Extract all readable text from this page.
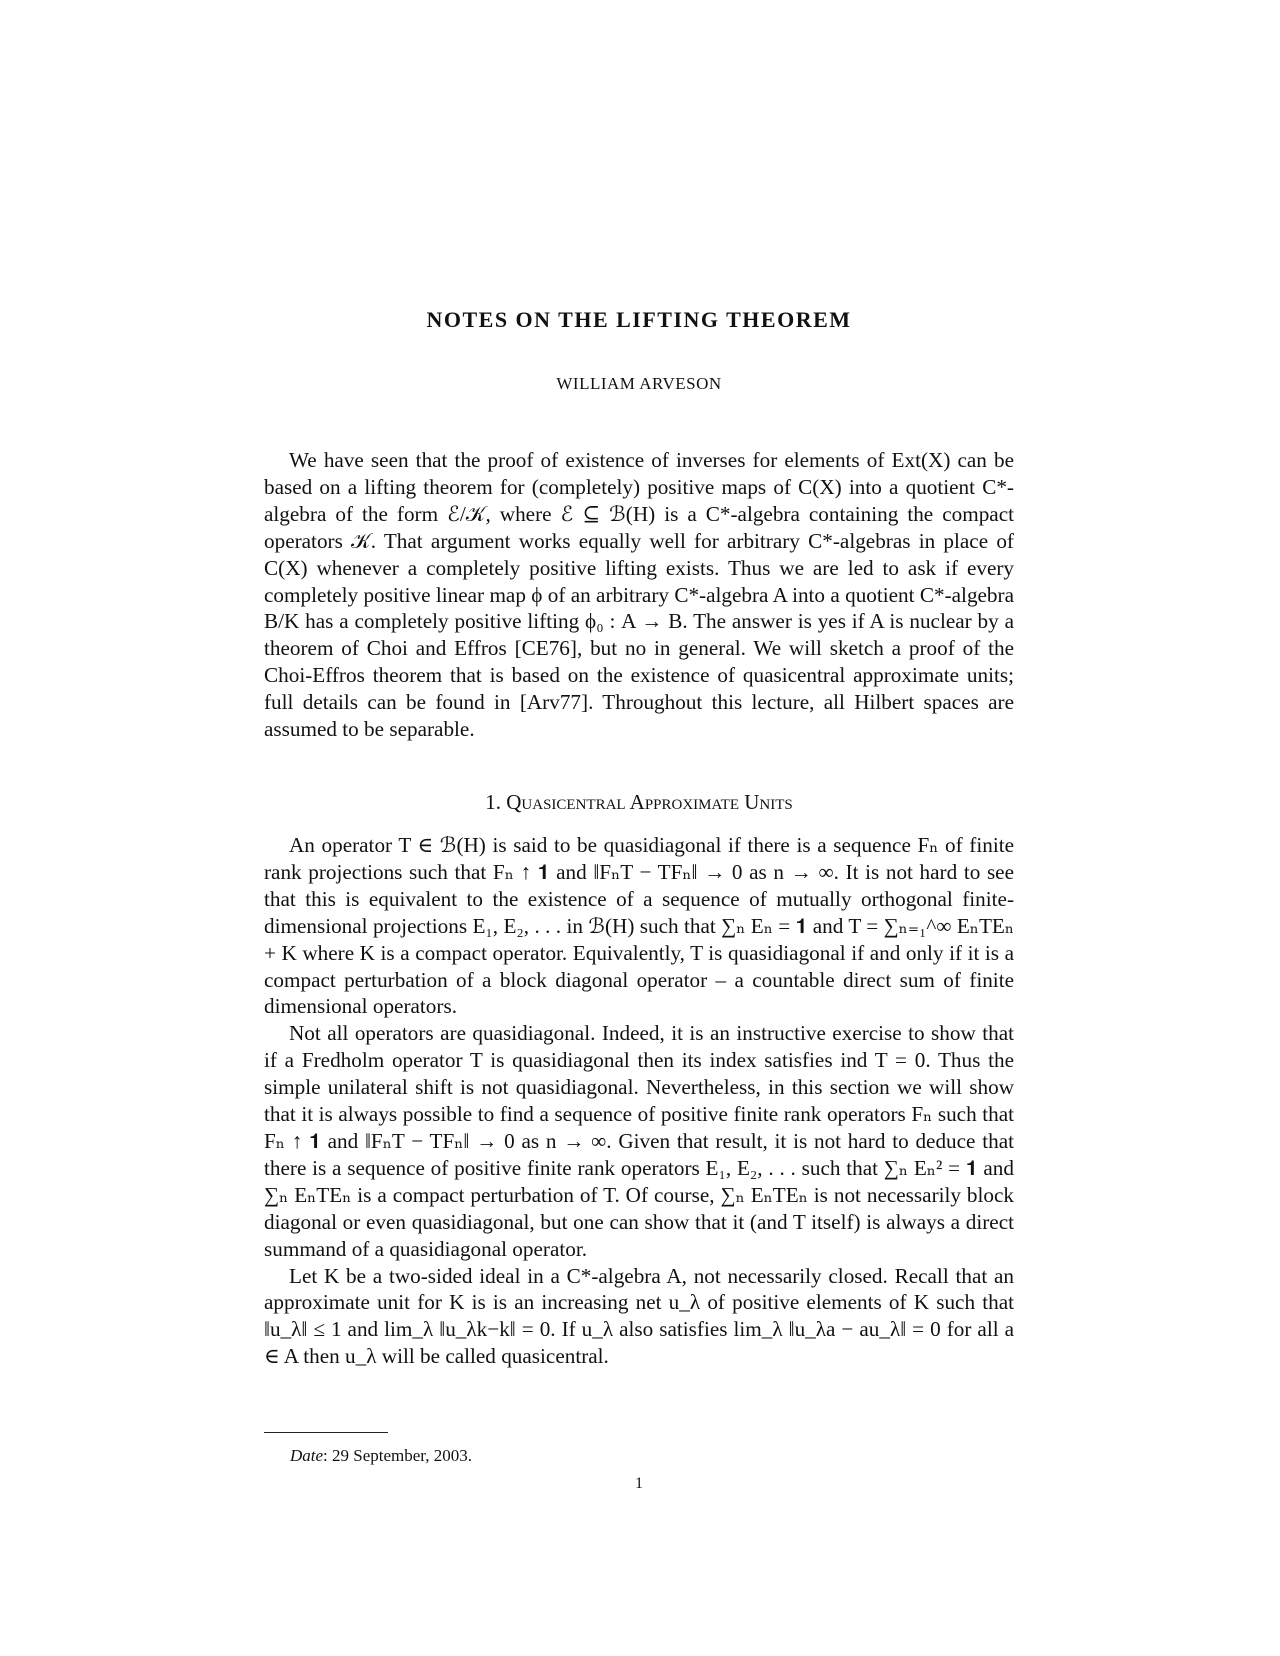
NOTES ON THE LIFTING THEOREM
WILLIAM ARVESON

We have seen that the proof of existence of inverses for elements of Ext(X) can be based on a lifting theorem for (completely) positive maps of C(X) into a quotient C*-algebra of the form ℰ/𝒦, where ℰ ⊆ ℬ(H) is a C*-algebra containing the compact operators 𝒦. That argument works equally well for arbitrary C*-algebras in place of C(X) whenever a completely positive lifting exists. Thus we are led to ask if every completely positive linear map ϕ of an arbitrary C*-algebra A into a quotient C*-algebra B/K has a completely positive lifting ϕ₀ : A → B. The answer is yes if A is nuclear by a theorem of Choi and Effros [CE76], but no in general. We will sketch a proof of the Choi-Effros theorem that is based on the existence of quasicentral approximate units; full details can be found in [Arv77]. Throughout this lecture, all Hilbert spaces are assumed to be separable.

1. Quasicentral Approximate Units

An operator T ∈ ℬ(H) is said to be quasidiagonal if there is a sequence Fₙ of finite rank projections such that Fₙ ↑ 𝟏 and ‖FₙT − TFₙ‖ → 0 as n → ∞. It is not hard to see that this is equivalent to the existence of a sequence of mutually orthogonal finite-dimensional projections E₁, E₂, . . . in ℬ(H) such that ∑ₙ Eₙ = 𝟏 and T = ∑ₙ₌₁^∞ EₙTEₙ + K where K is a compact operator. Equivalently, T is quasidiagonal if and only if it is a compact perturbation of a block diagonal operator – a countable direct sum of finite dimensional operators.

Not all operators are quasidiagonal. Indeed, it is an instructive exercise to show that if a Fredholm operator T is quasidiagonal then its index satisfies ind T = 0. Thus the simple unilateral shift is not quasidiagonal. Nevertheless, in this section we will show that it is always possible to find a sequence of positive finite rank operators Fₙ such that Fₙ ↑ 𝟏 and ‖FₙT − TFₙ‖ → 0 as n → ∞. Given that result, it is not hard to deduce that there is a sequence of positive finite rank operators E₁, E₂, . . . such that ∑ₙ Eₙ² = 𝟏 and ∑ₙ EₙTEₙ is a compact perturbation of T. Of course, ∑ₙ EₙTEₙ is not necessarily block diagonal or even quasidiagonal, but one can show that it (and T itself) is always a direct summand of a quasidiagonal operator.

Let K be a two-sided ideal in a C*-algebra A, not necessarily closed. Recall that an approximate unit for K is is an increasing net u_λ of positive elements of K such that ‖u_λ‖ ≤ 1 and lim_λ ‖u_λk−k‖ = 0. If u_λ also satisfies lim_λ ‖u_λa − au_λ‖ = 0 for all a ∈ A then u_λ will be called quasicentral.

Date: 29 September, 2003.
1
